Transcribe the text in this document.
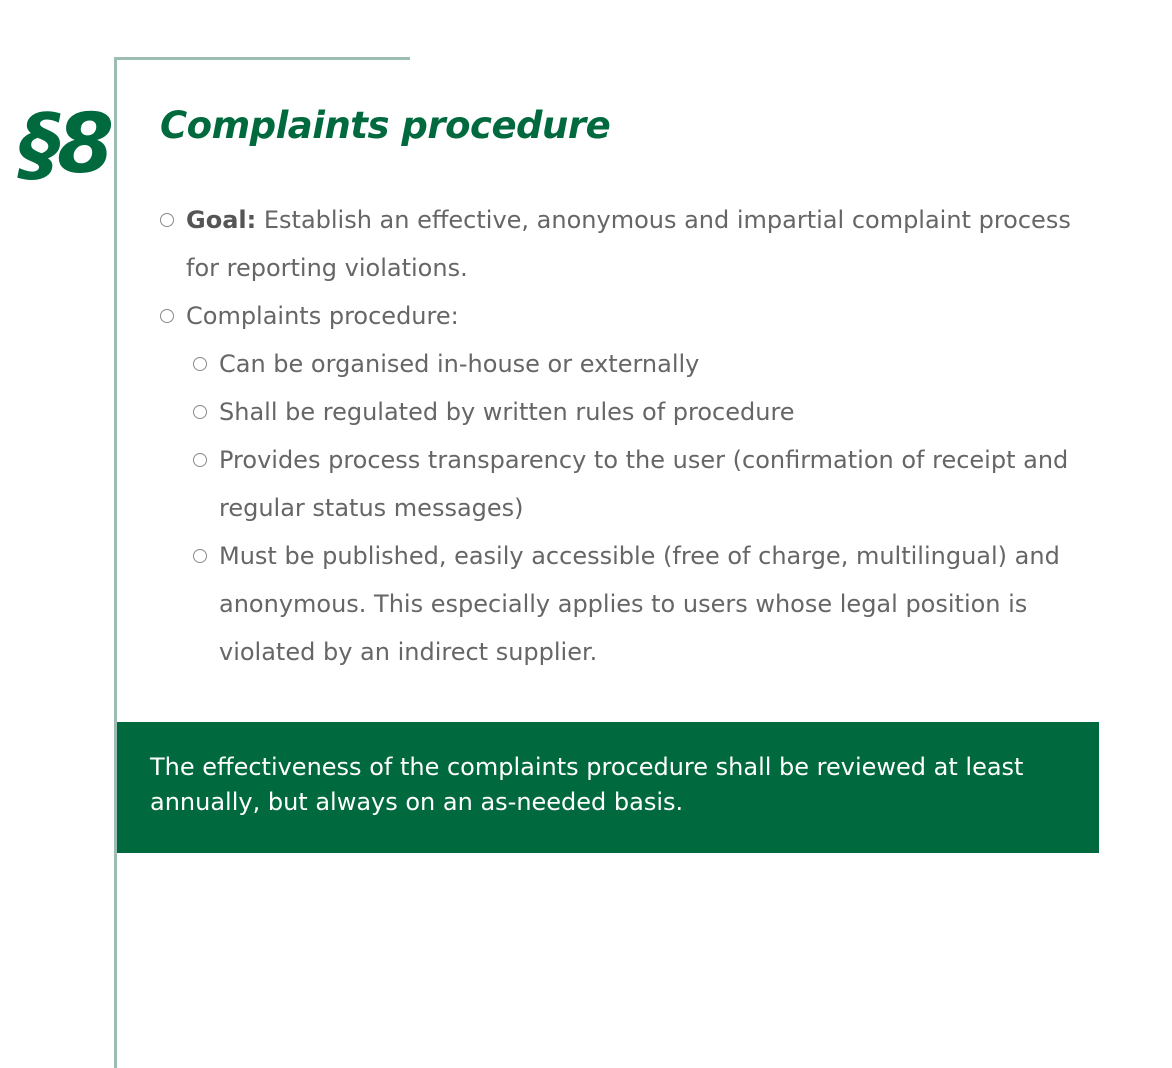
§8 Complaints procedure
Goal: Establish an effective, anonymous and impartial complaint process for reporting violations.
Complaints procedure:
Can be organised in-house or externally
Shall be regulated by written rules of procedure
Provides process transparency to the user (confirmation of receipt and regular status messages)
Must be published, easily accessible (free of charge, multilingual) and anonymous. This especially applies to users whose legal position is violated by an indirect supplier.
The effectiveness of the complaints procedure shall be reviewed at least annually, but always on an as-needed basis.
